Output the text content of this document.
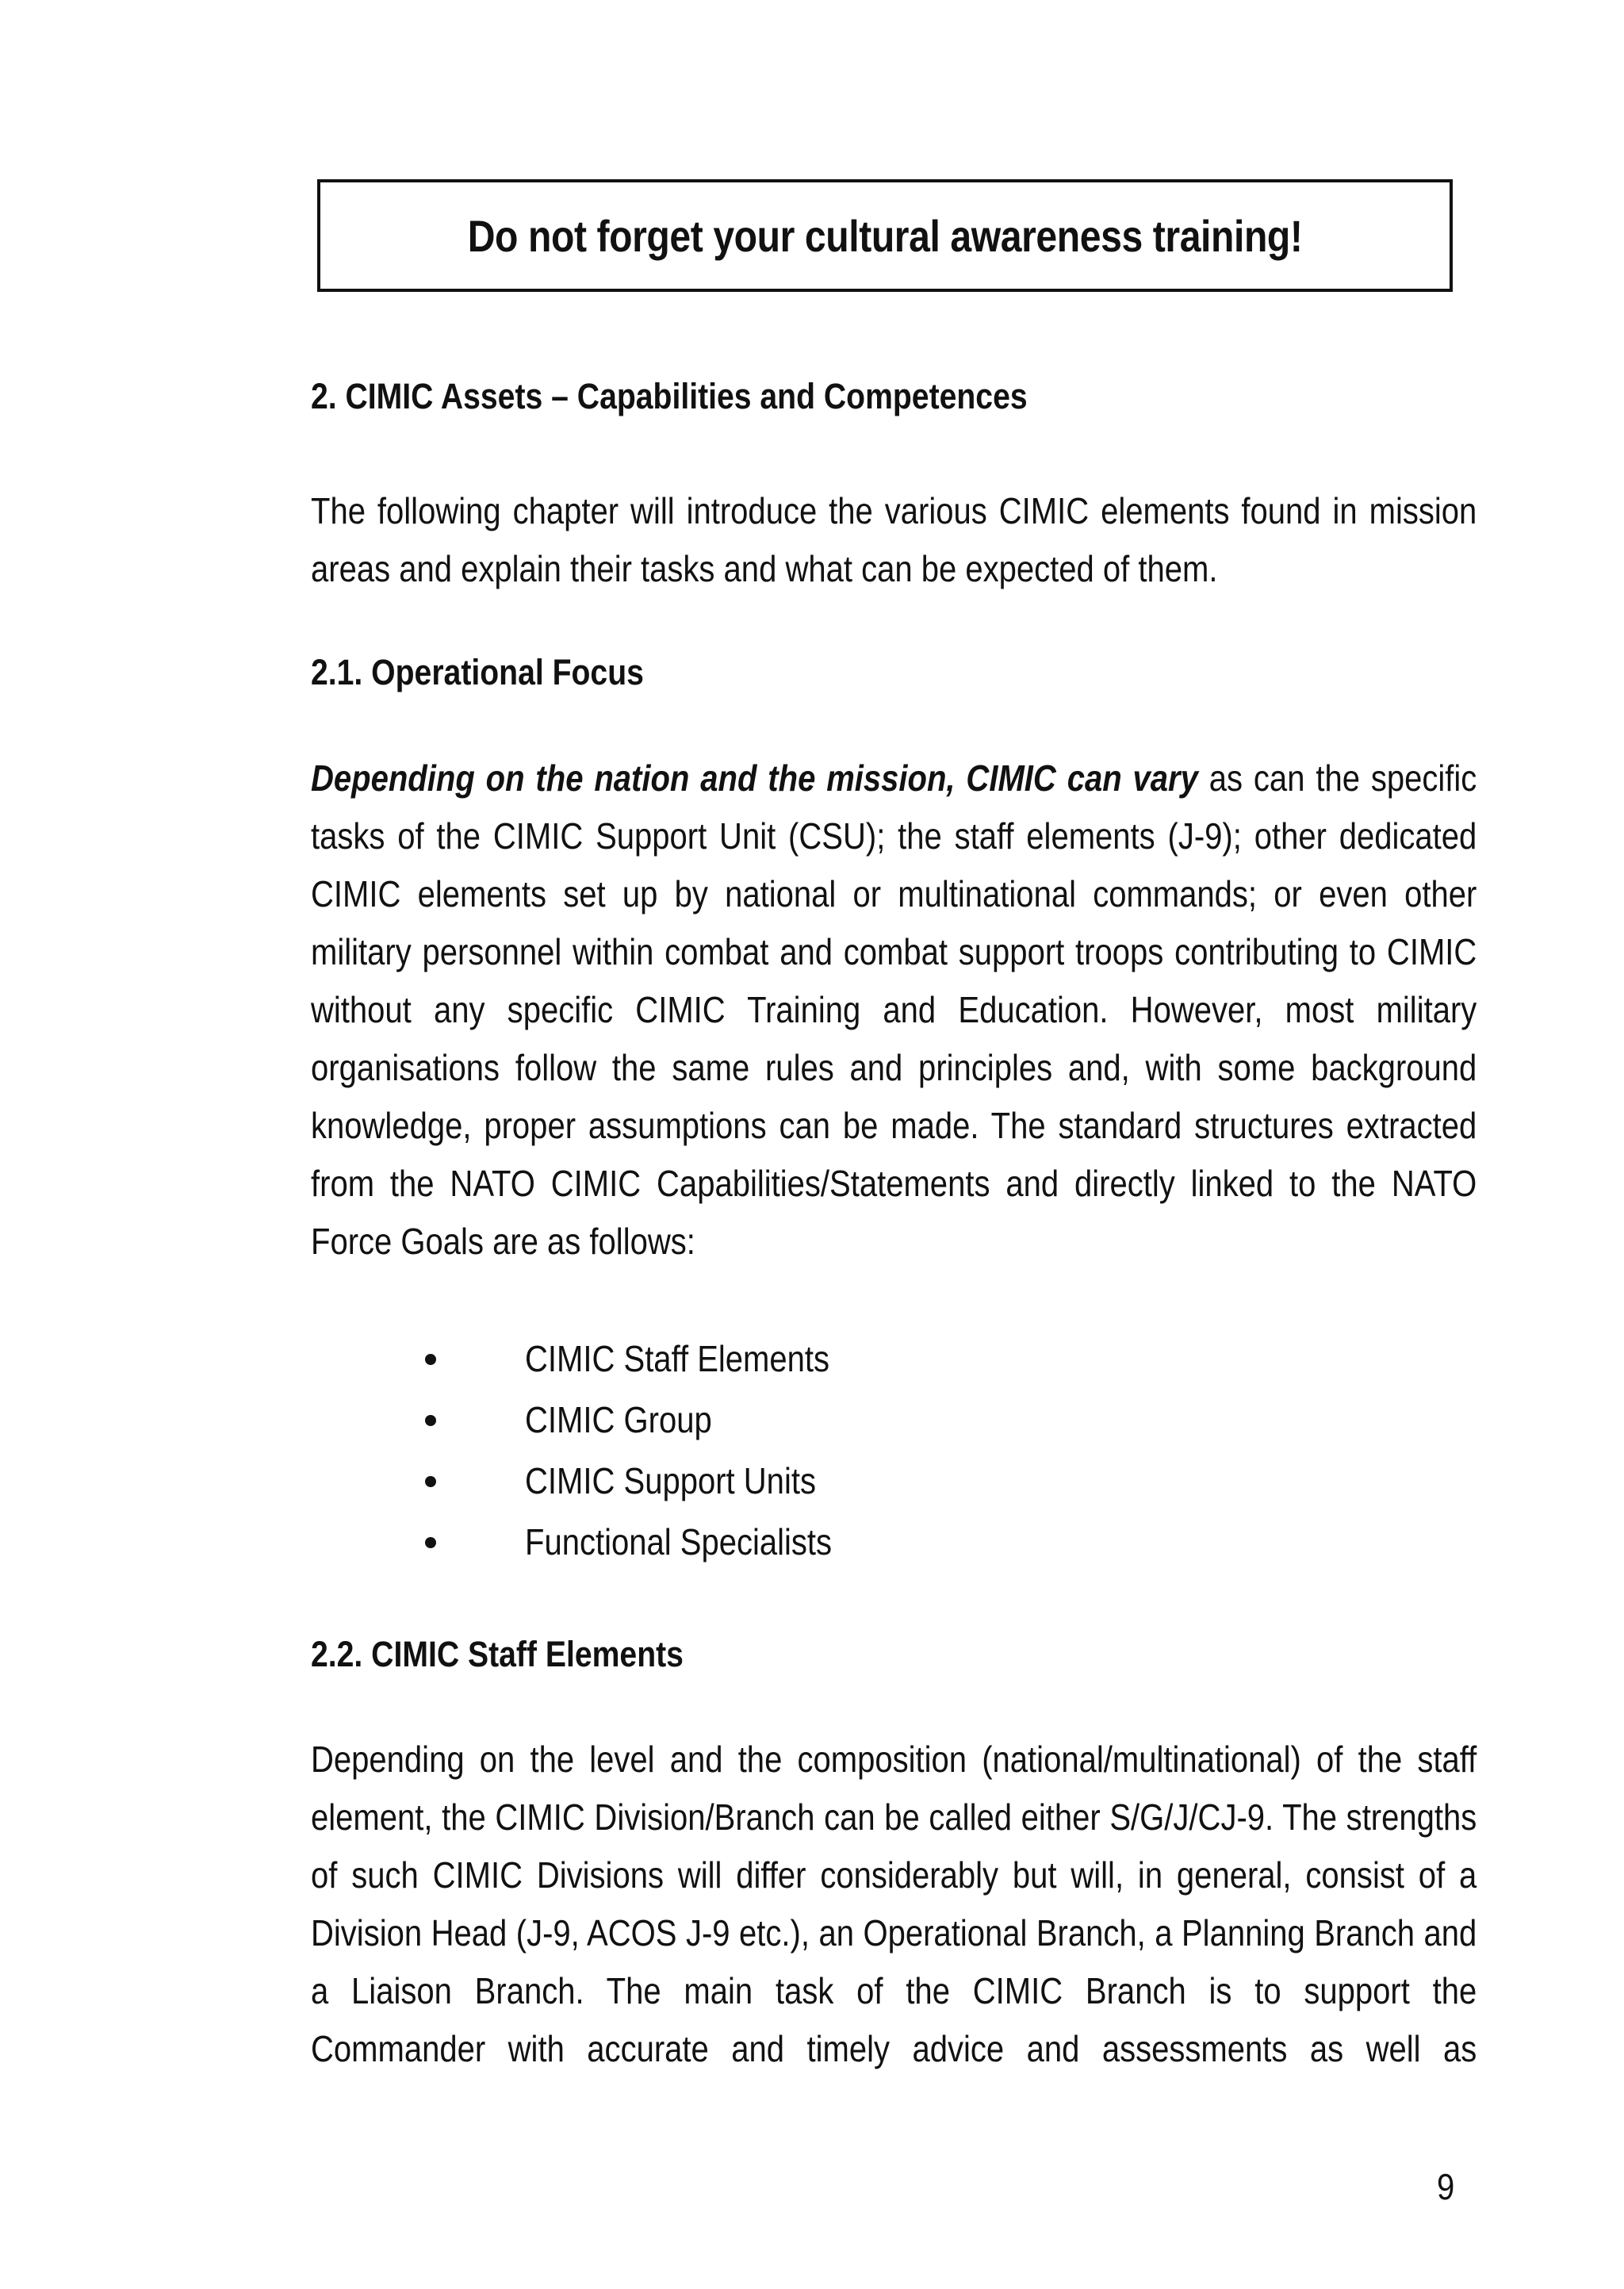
Do not forget your cultural awareness training!
2. CIMIC Assets – Capabilities and Competences
The following chapter will introduce the various CIMIC elements found in mission areas and explain their tasks and what can be expected of them.
2.1. Operational Focus
Depending on the nation and the mission, CIMIC can vary as can the specific tasks of the CIMIC Support Unit (CSU); the staff elements (J-9); other dedicated CIMIC elements set up by national or multinational commands; or even other military personnel within combat and combat support troops contributing to CIMIC without any specific CIMIC Training and Education. However, most military organisations follow the same rules and principles and, with some background knowledge, proper assumptions can be made. The standard structures extracted from the NATO CIMIC Capabilities/Statements and directly linked to the NATO Force Goals are as follows:
CIMIC Staff Elements
CIMIC Group
CIMIC Support Units
Functional Specialists
2.2. CIMIC Staff Elements
Depending on the level and the composition (national/multinational) of the staff element, the CIMIC Division/Branch can be called either S/G/J/CJ-9. The strengths of such CIMIC Divisions will differ considerably but will, in general, consist of a Division Head (J-9, ACOS J-9 etc.), an Operational Branch, a Planning Branch and a Liaison Branch. The main task of the CIMIC Branch is to support the Commander with accurate and timely advice and assessments as well as
9
